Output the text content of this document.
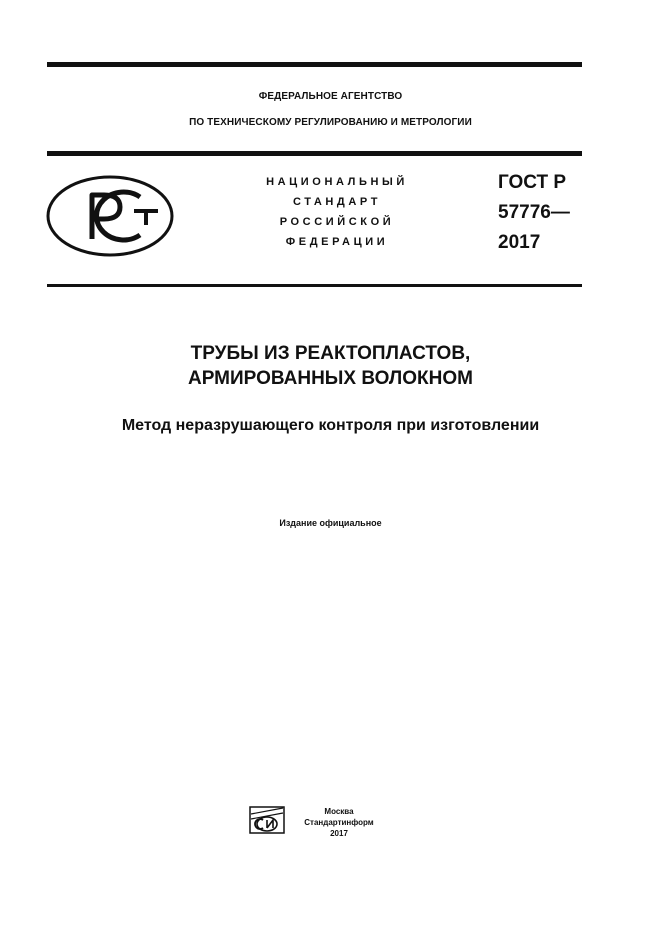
ФЕДЕРАЛЬНОЕ АГЕНТСТВО
ПО ТЕХНИЧЕСКОМУ РЕГУЛИРОВАНИЮ И МЕТРОЛОГИИ
НАЦИОНАЛЬНЫЙ
СТАНДАРТ
РОССИЙСКОЙ
ФЕДЕРАЦИИ
ГОСТ Р
57776—
2017
ТРУБЫ ИЗ РЕАКТОПЛАСТОВ,
АРМИРОВАННЫХ ВОЛОКНОМ
Метод неразрушающего контроля при изготовлении
Издание официальное
Москва
Стандартинформ
2017
